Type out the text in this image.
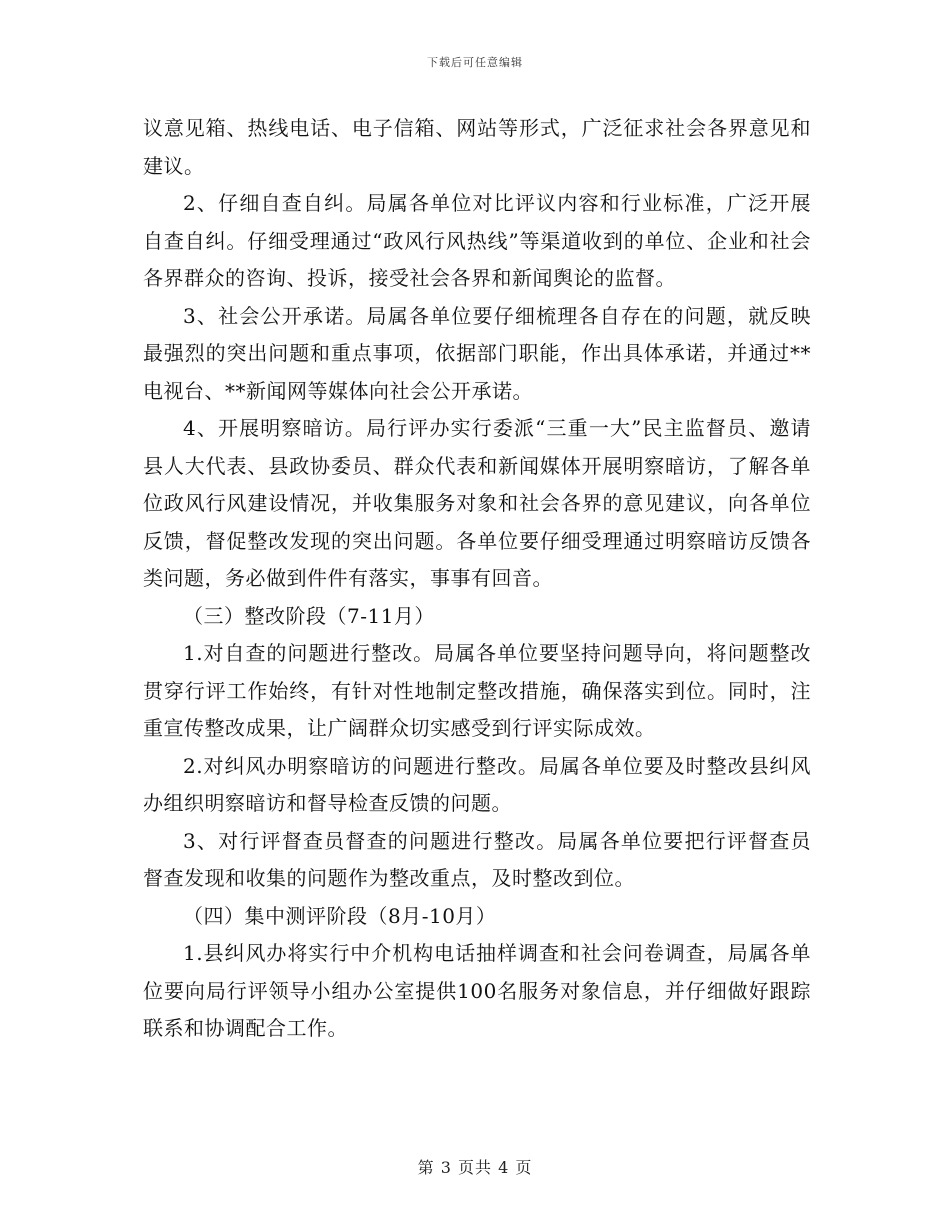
下载后可任意编辑

议意见箱、热线电话、电子信箱、网站等形式，广泛征求社会各界意见和建议。

2、仔细自查自纠。局属各单位对比评议内容和行业标准，广泛开展自查自纠。仔细受理通过“政风行风热线”等渠道收到的单位、企业和社会各界群众的咨询、投诉，接受社会各界和新闻舆论的监督。

3、社会公开承诺。局属各单位要仔细梳理各自存在的问题，就反映最强烈的突出问题和重点事项，依据部门职能，作出具体承诺，并通过**电视台、**新闻网等媒体向社会公开承诺。

4、开展明察暗访。局行评办实行委派“三重一大”民主监督员、邀请县人大代表、县政协委员、群众代表和新闻媒体开展明察暗访，了解各单位政风行风建设情况，并收集服务对象和社会各界的意见建议，向各单位反馈，督促整改发现的突出问题。各单位要仔细受理通过明察暗访反馈各类问题，务必做到件件有落实，事事有回音。

（三）整改阶段（7-11月）

1.对自查的问题进行整改。局属各单位要坚持问题导向，将问题整改贯穿行评工作始终，有针对性地制定整改措施，确保落实到位。同时，注重宣传整改成果，让广阔群众切实感受到行评实际成效。

2.对纠风办明察暗访的问题进行整改。局属各单位要及时整改县纠风办组织明察暗访和督导检查反馈的问题。

3、对行评督查员督查的问题进行整改。局属各单位要把行评督查员督查发现和收集的问题作为整改重点，及时整改到位。

（四）集中测评阶段（8月-10月）

1.县纠风办将实行中介机构电话抽样调查和社会问卷调查，局属各单位要向局行评领导小组办公室提供100名服务对象信息，并仔细做好跟踪联系和协调配合工作。

第 3 页共 4 页
